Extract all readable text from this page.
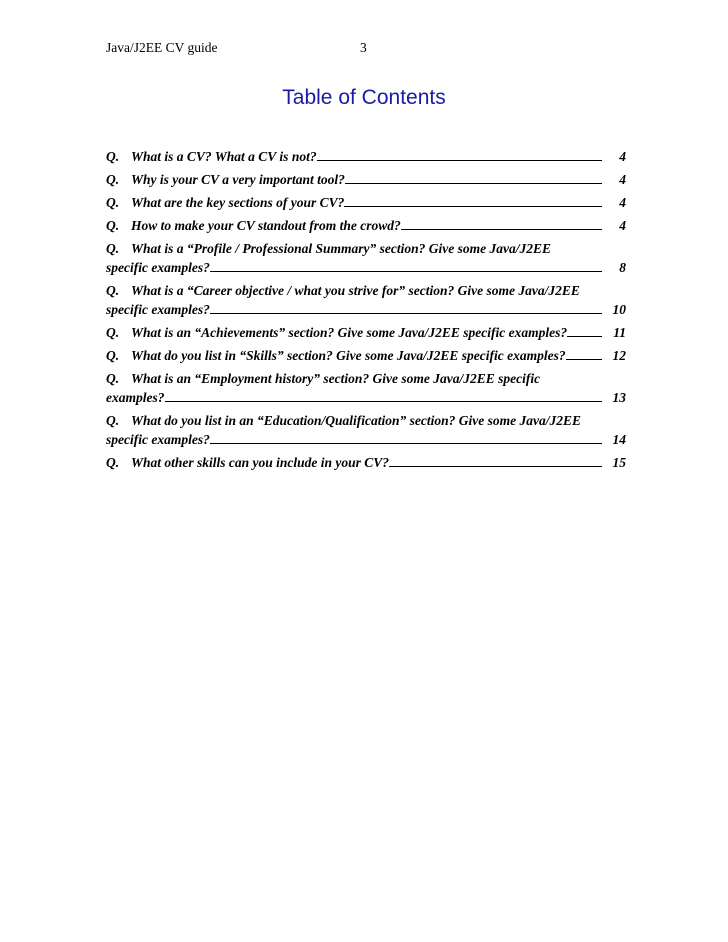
Java/J2EE CV guide	3
Table of Contents
Q. What is a CV? What a CV is not?	4
Q. Why is your CV a very important tool?	4
Q. What are the key sections of your CV?	4
Q. How to make your CV standout from the crowd?	4
Q. What is a “Profile / Professional Summary” section? Give some Java/J2EE
specific examples?	8
Q. What is a “Career objective / what you strive for” section? Give some Java/J2EE
specific examples?	10
Q. What is an “Achievements” section? Give some Java/J2EE specific examples?	11
Q. What do you list in “Skills” section? Give some Java/J2EE specific examples?	12
Q. What is an “Employment history” section? Give some Java/J2EE specific
examples?	13
Q. What do you list in an “Education/Qualification” section? Give some Java/J2EE
specific examples?	14
Q. What other skills can you include in your CV?	15
